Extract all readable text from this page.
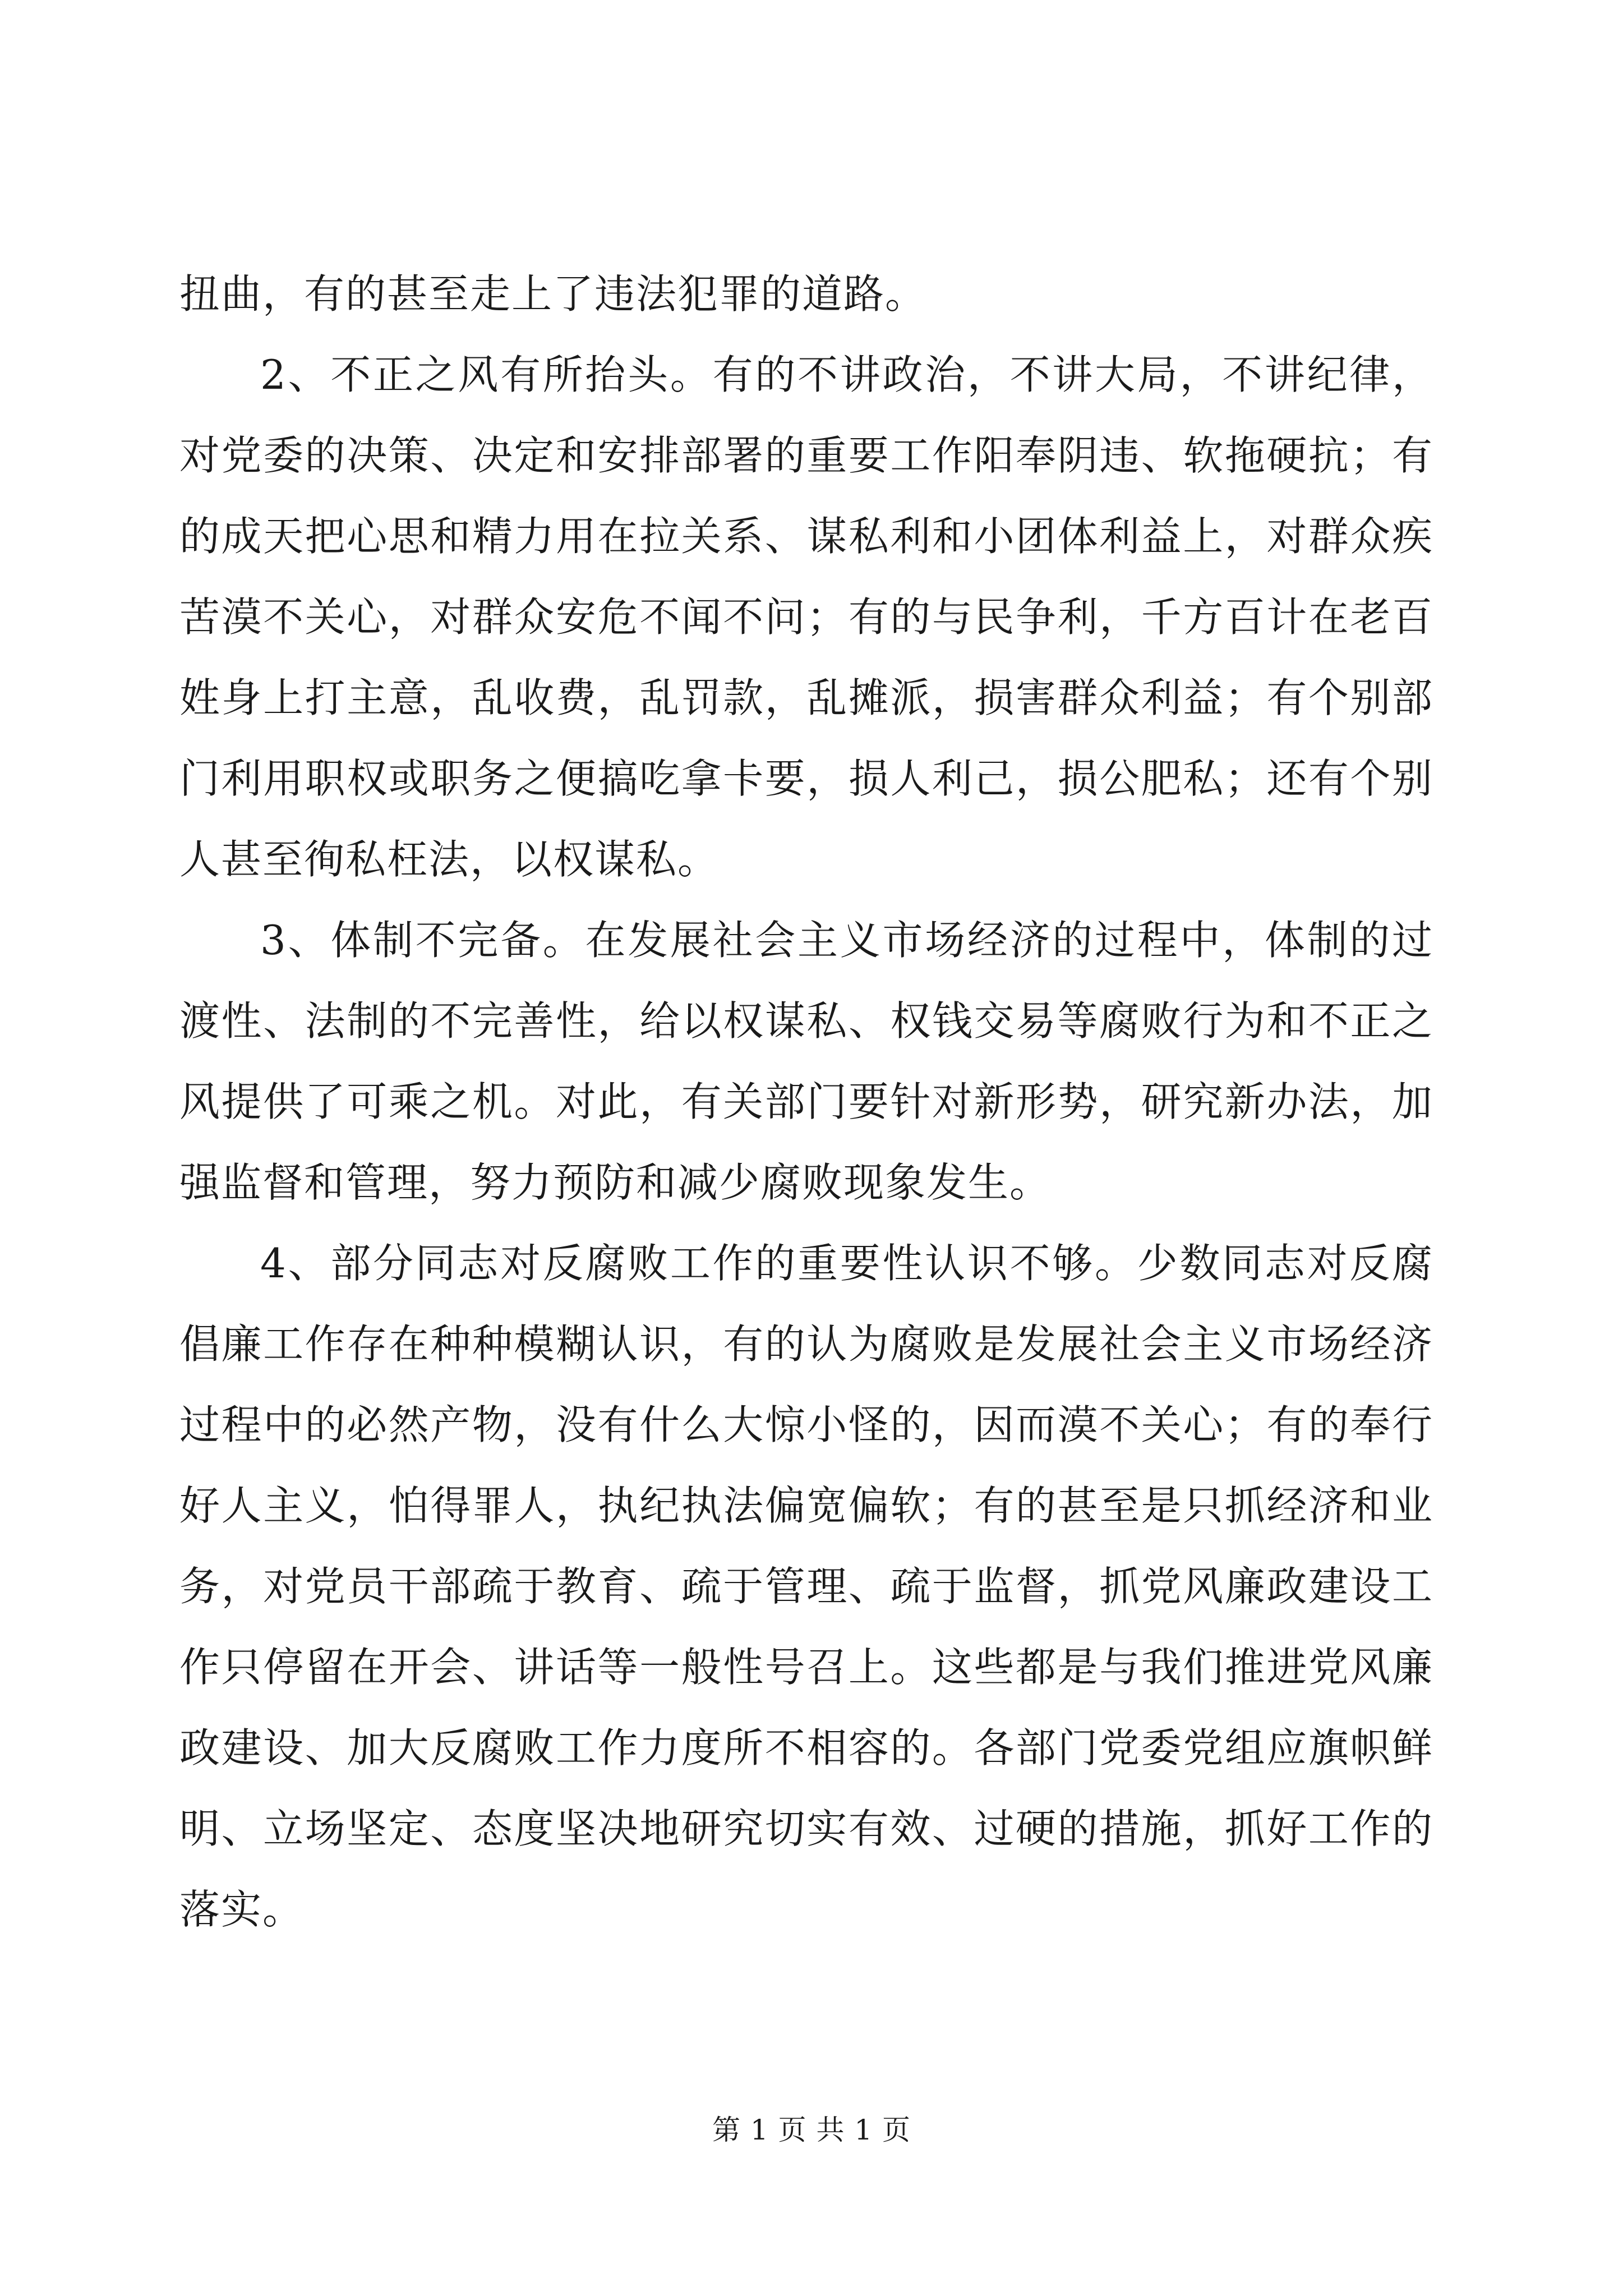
扭曲，有的甚至走上了违法犯罪的道路。

2、不正之风有所抬头。有的不讲政治，不讲大局，不讲纪律，对党委的决策、决定和安排部署的重要工作阳奉阴违、软拖硬抗；有的成天把心思和精力用在拉关系、谋私利和小团体利益上，对群众疾苦漠不关心，对群众安危不闻不问；有的与民争利，千方百计在老百姓身上打主意，乱收费，乱罚款，乱摊派，损害群众利益；有个别部门利用职权或职务之便搞吃拿卡要，损人利己，损公肥私；还有个别人甚至徇私枉法，以权谋私。

3、体制不完备。在发展社会主义市场经济的过程中，体制的过渡性、法制的不完善性，给以权谋私、权钱交易等腐败行为和不正之风提供了可乘之机。对此，有关部门要针对新形势，研究新办法，加强监督和管理，努力预防和减少腐败现象发生。

4、部分同志对反腐败工作的重要性认识不够。少数同志对反腐倡廉工作存在种种模糊认识，有的认为腐败是发展社会主义市场经济过程中的必然产物，没有什么大惊小怪的，因而漠不关心；有的奉行好人主义，怕得罪人，执纪执法偏宽偏软；有的甚至是只抓经济和业务，对党员干部疏于教育、疏于管理、疏于监督，抓党风廉政建设工作只停留在开会、讲话等一般性号召上。这些都是与我们推进党风廉政建设、加大反腐败工作力度所不相容的。各部门党委党组应旗帜鲜明、立场坚定、态度坚决地研究切实有效、过硬的措施，抓好工作的落实。

第 1 页 共 1 页
